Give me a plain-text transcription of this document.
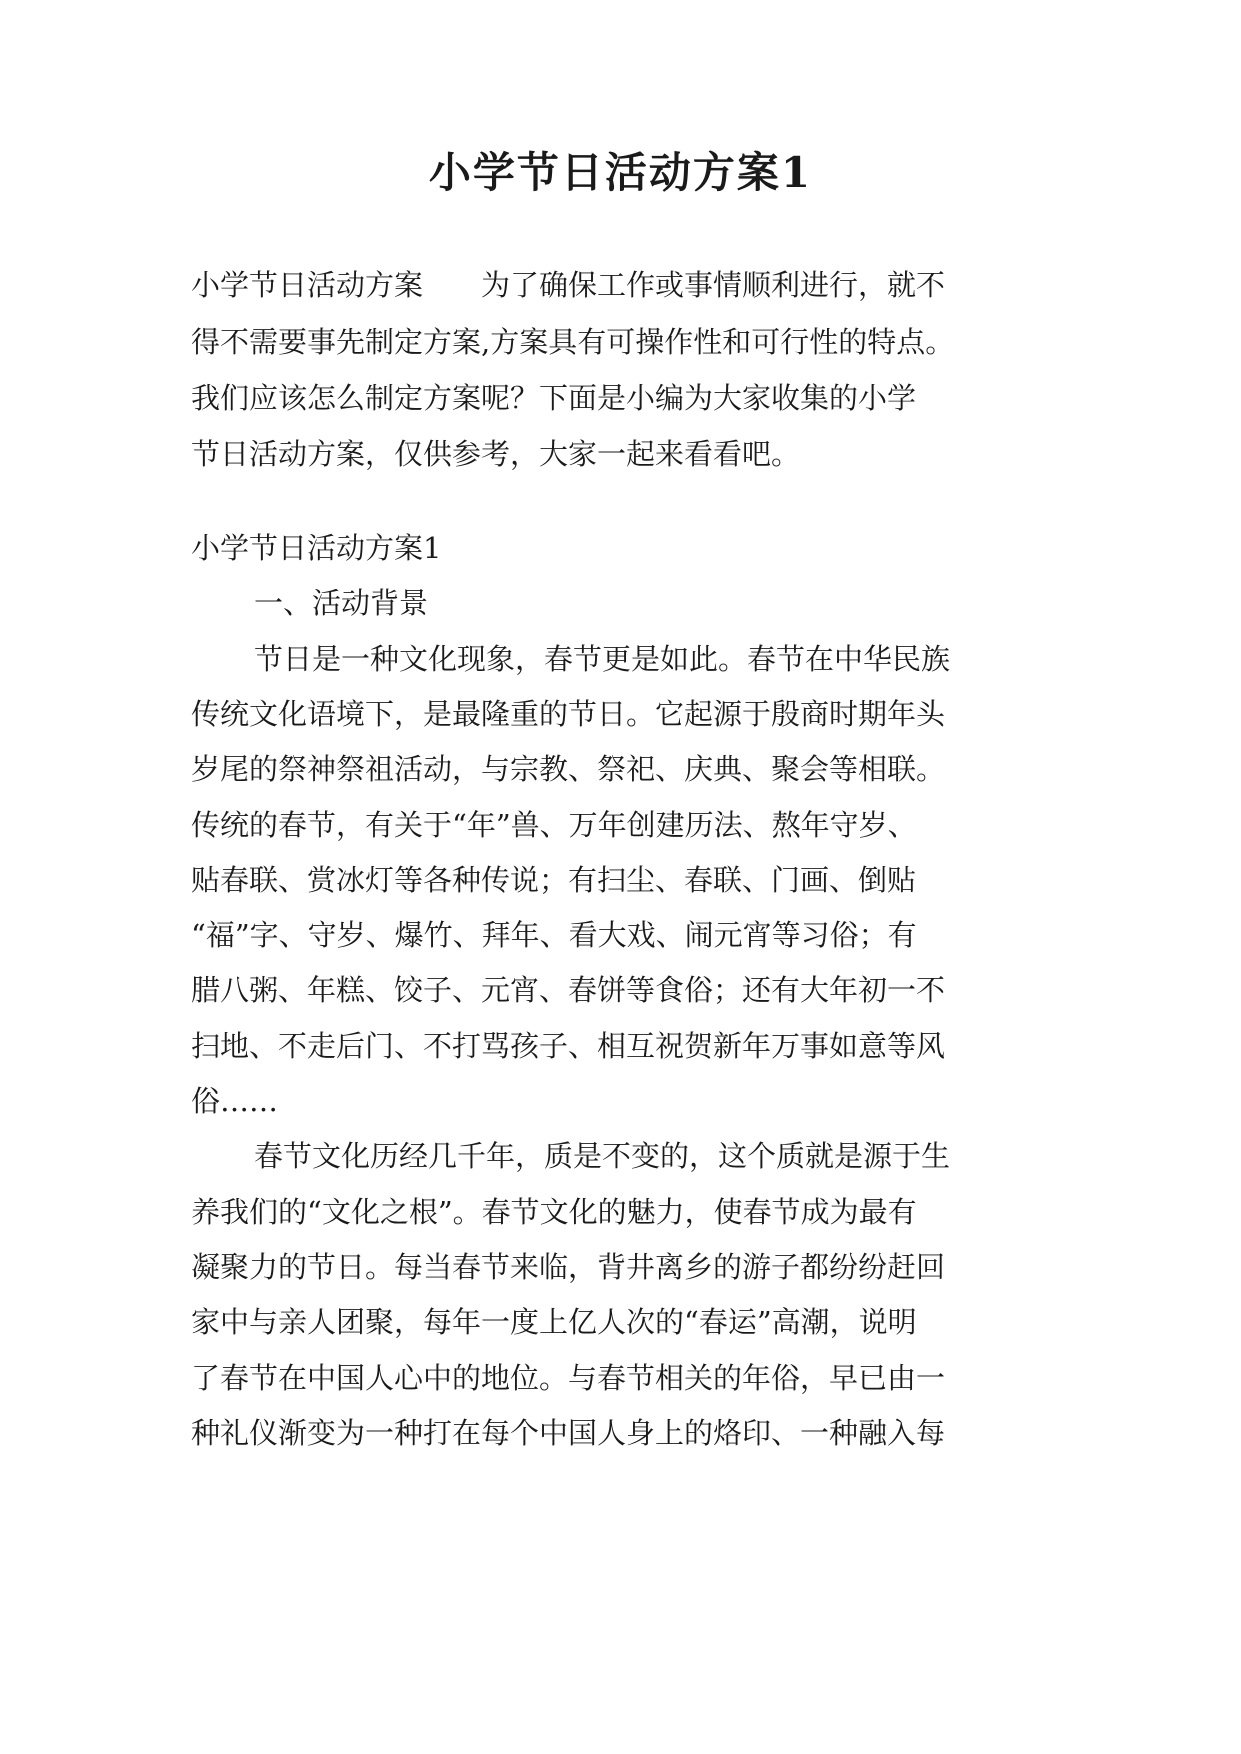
小学节日活动方案1
小学节日活动方案　　为了确保工作或事情顺利进行，就不
得不需要事先制定方案,方案具有可操作性和可行性的特点。
我们应该怎么制定方案呢？下面是小编为大家收集的小学
节日活动方案，仅供参考，大家一起来看看吧。
小学节日活动方案1
一、活动背景
节日是一种文化现象，春节更是如此。春节在中华民族
传统文化语境下，是最隆重的节日。它起源于殷商时期年头
岁尾的祭神祭祖活动，与宗教、祭祀、庆典、聚会等相联。
传统的春节，有关于“年”兽、万年创建历法、熬年守岁、
贴春联、赏冰灯等各种传说；有扫尘、春联、门画、倒贴
“福”字、守岁、爆竹、拜年、看大戏、闹元宵等习俗；有
腊八粥、年糕、饺子、元宵、春饼等食俗；还有大年初一不
扫地、不走后门、不打骂孩子、相互祝贺新年万事如意等风
俗……
春节文化历经几千年，质是不变的，这个质就是源于生
养我们的“文化之根”。春节文化的魅力，使春节成为最有
凝聚力的节日。每当春节来临，背井离乡的游子都纷纷赶回
家中与亲人团聚，每年一度上亿人次的“春运”高潮，说明
了春节在中国人心中的地位。与春节相关的年俗，早已由一
种礼仪渐变为一种打在每个中国人身上的烙印、一种融入每
